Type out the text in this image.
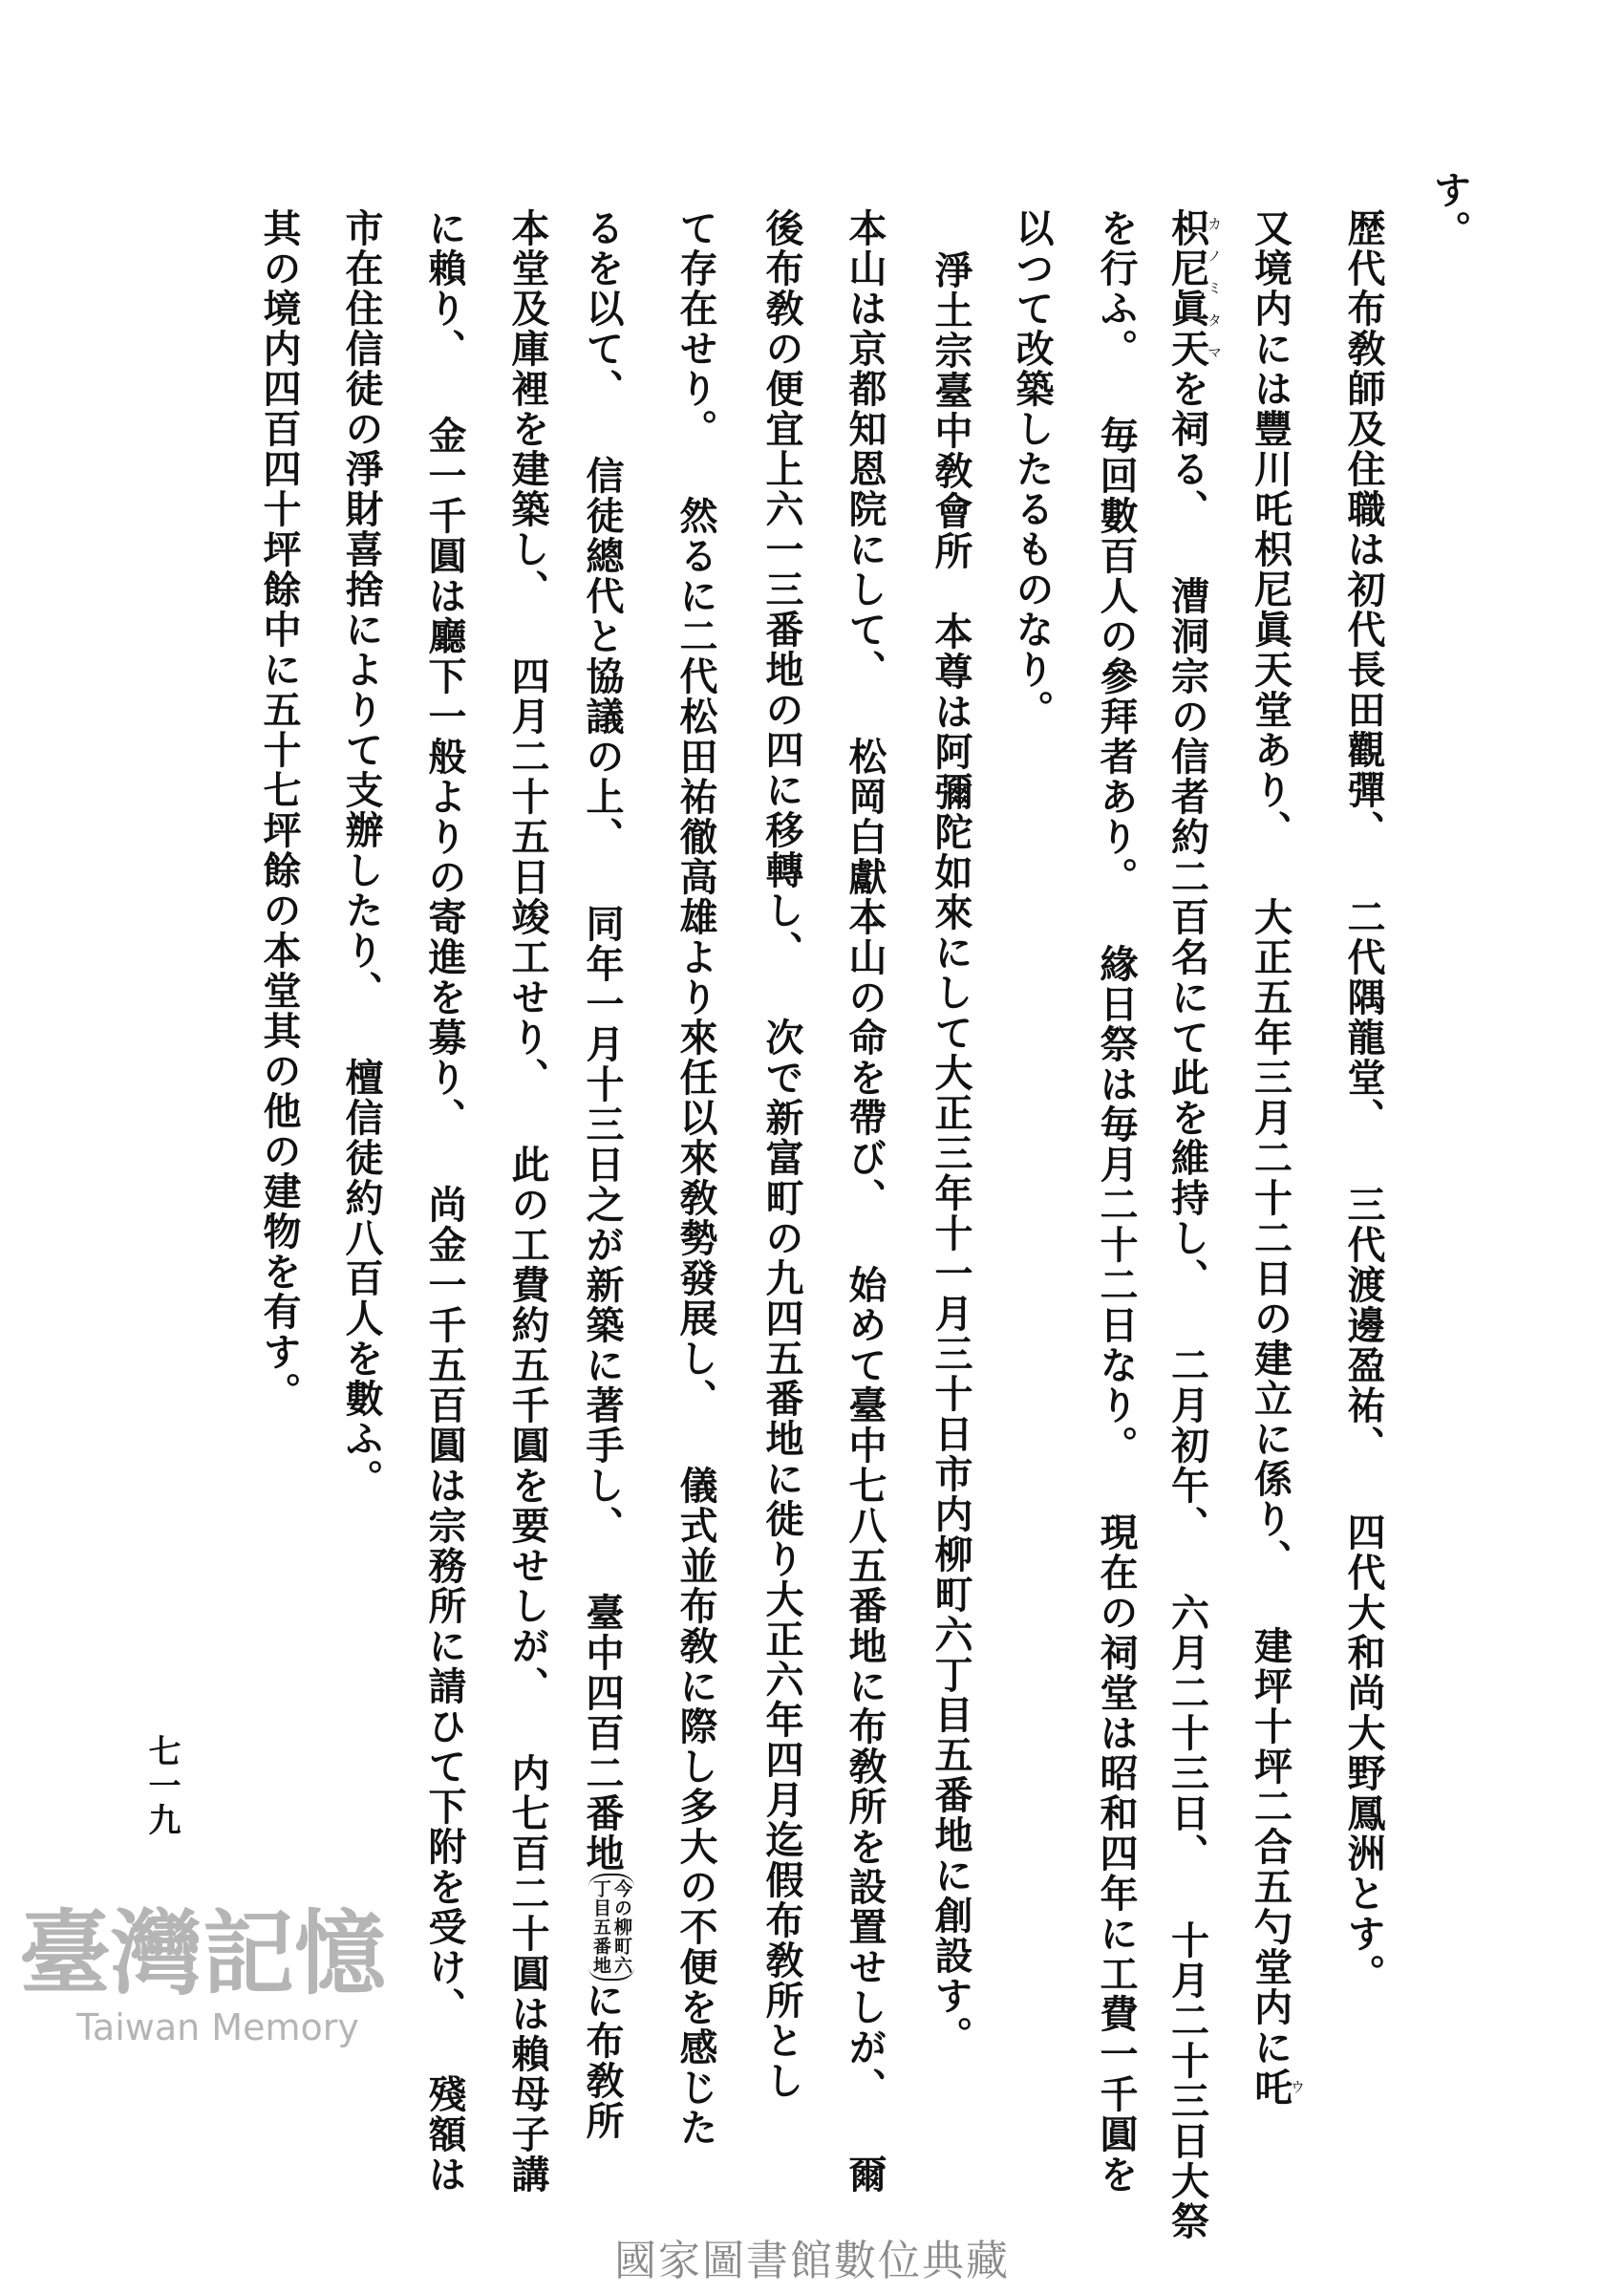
す。
歴代布敎師及住職は初代長田觀彈、 二代隅龍堂、 三代渡邊盈祐、 四代大和尚大野鳳洲とす。
又境内には豐川吒枳尼眞天堂あり、 大正五年三月二十二日の建立に係り、 建坪十坪二合五勺堂内に吒ウ
枳尼眞天カノミタマを祠る、 漕洞宗の信者約二百名にて此を維持し、 二月初午、 六月二十三日、 十月二十三日大祭
を行ふ。 毎回數百人の參拜者あり。 緣日祭は毎月二十二日なり。 現在の祠堂は昭和四年に工費一千圓を
以つて改築したるものなり。
淨土宗臺中敎會所　本尊は阿彌陀如來にして大正三年十一月三十日市内柳町六丁目五番地に創設す。
本山は京都知恩院にして、 松岡白獻本山の命を帶び、 始めて臺中七八五番地に布敎所を設置せしが、 爾
後布敎の便宜上六一三番地の四に移轉し、 次で新富町の九四五番地に徙り大正六年四月迄假布敎所とし
て存在せり。 然るに二代松田祐徹高雄より來任以來敎勢發展し、 儀式並布敎に際し多大の不便を感じた
るを以て、 信徒總代と協議の上、 同年一月十三日之が新築に著手し、 臺中四百二番地
今の柳町六
丁目五番地
に布敎所
本堂及庫裡を建築し、 四月二十五日竣工せり、 此の工費約五千圓を要せしが、 内七百二十圓は賴母子講
に賴り、 金一千圓は廳下一般よりの寄進を募り、 尚金一千五百圓は宗務所に請ひて下附を受け、 殘額は
市在住信徒の淨財喜捨によりて支辦したり、 檀信徒約八百人を數ふ。
其の境内四百四十坪餘中に五十七坪餘の本堂其の他の建物を有す。
七一九
臺灣記憶
Taiwan Memory
國家圖書館數位典藏
